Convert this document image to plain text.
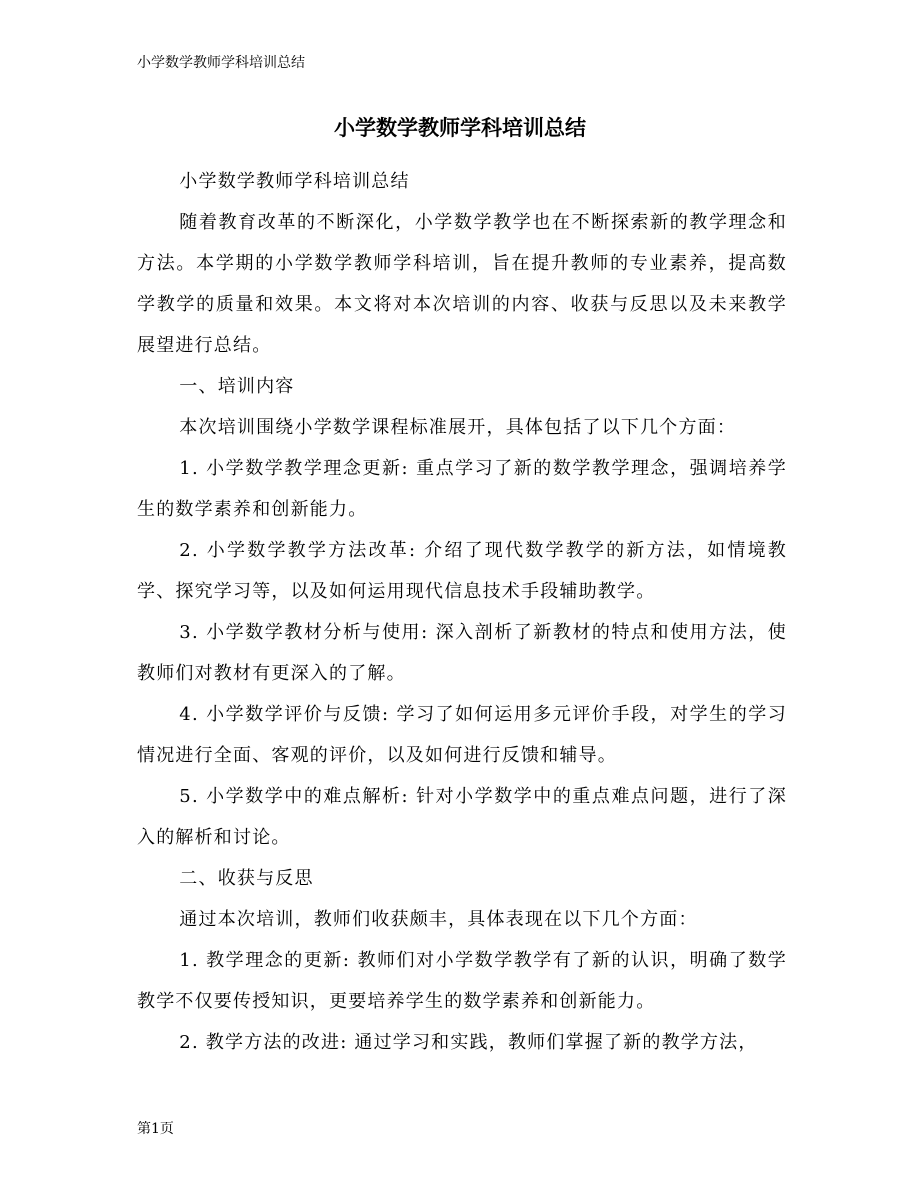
小学数学教师学科培训总结
小学数学教师学科培训总结

小学数学教师学科培训总结

随着教育改革的不断深化，小学数学教学也在不断探索新的教学理念和方法。本学期的小学数学教师学科培训，旨在提升教师的专业素养，提高数学教学的质量和效果。本文将对本次培训的内容、收获与反思以及未来教学展望进行总结。

一、培训内容

本次培训围绕小学数学课程标准展开，具体包括了以下几个方面：

1. 小学数学教学理念更新: 重点学习了新的数学教学理念，强调培养学生的数学素养和创新能力。

2. 小学数学教学方法改革: 介绍了现代数学教学的新方法，如情境教学、探究学习等，以及如何运用现代信息技术手段辅助教学。

3. 小学数学教材分析与使用: 深入剖析了新教材的特点和使用方法，使教师们对教材有更深入的了解。

4. 小学数学评价与反馈: 学习了如何运用多元评价手段，对学生的学习情况进行全面、客观的评价，以及如何进行反馈和辅导。

5. 小学数学中的难点解析: 针对小学数学中的重点难点问题，进行了深入的解析和讨论。

二、收获与反思

通过本次培训，教师们收获颇丰，具体表现在以下几个方面：

1. 教学理念的更新: 教师们对小学数学教学有了新的认识，明确了数学教学不仅要传授知识，更要培养学生的数学素养和创新能力。

2. 教学方法的改进: 通过学习和实践，教师们掌握了新的教学方法，

第1页
